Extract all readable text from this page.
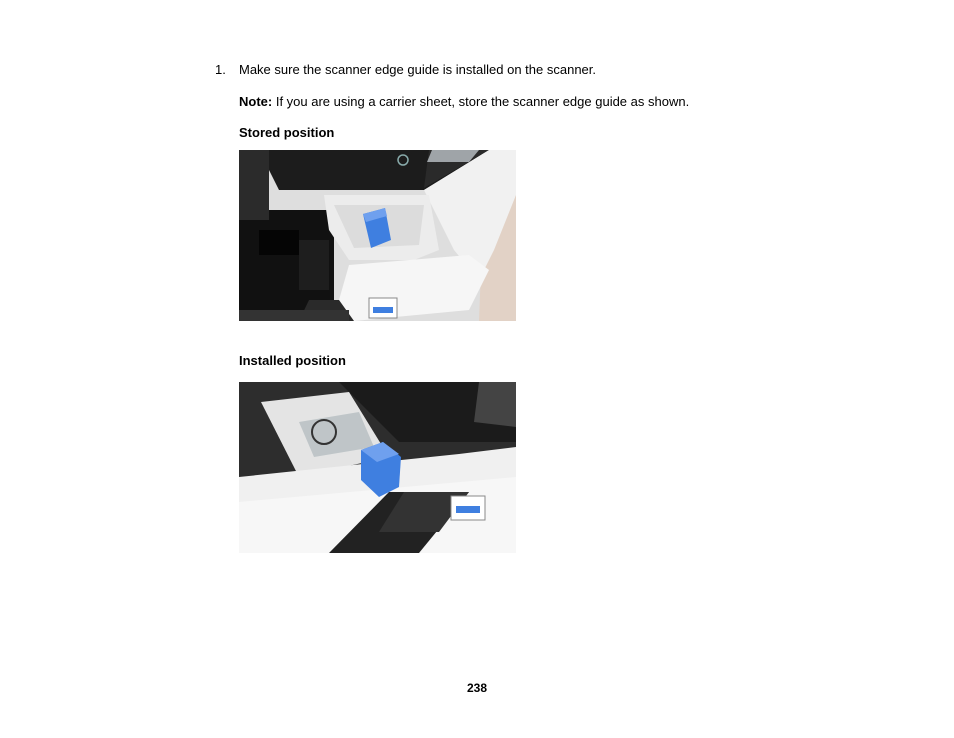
1. Make sure the scanner edge guide is installed on the scanner.
Note: If you are using a carrier sheet, store the scanner edge guide as shown.
Stored position
Installed position
238
